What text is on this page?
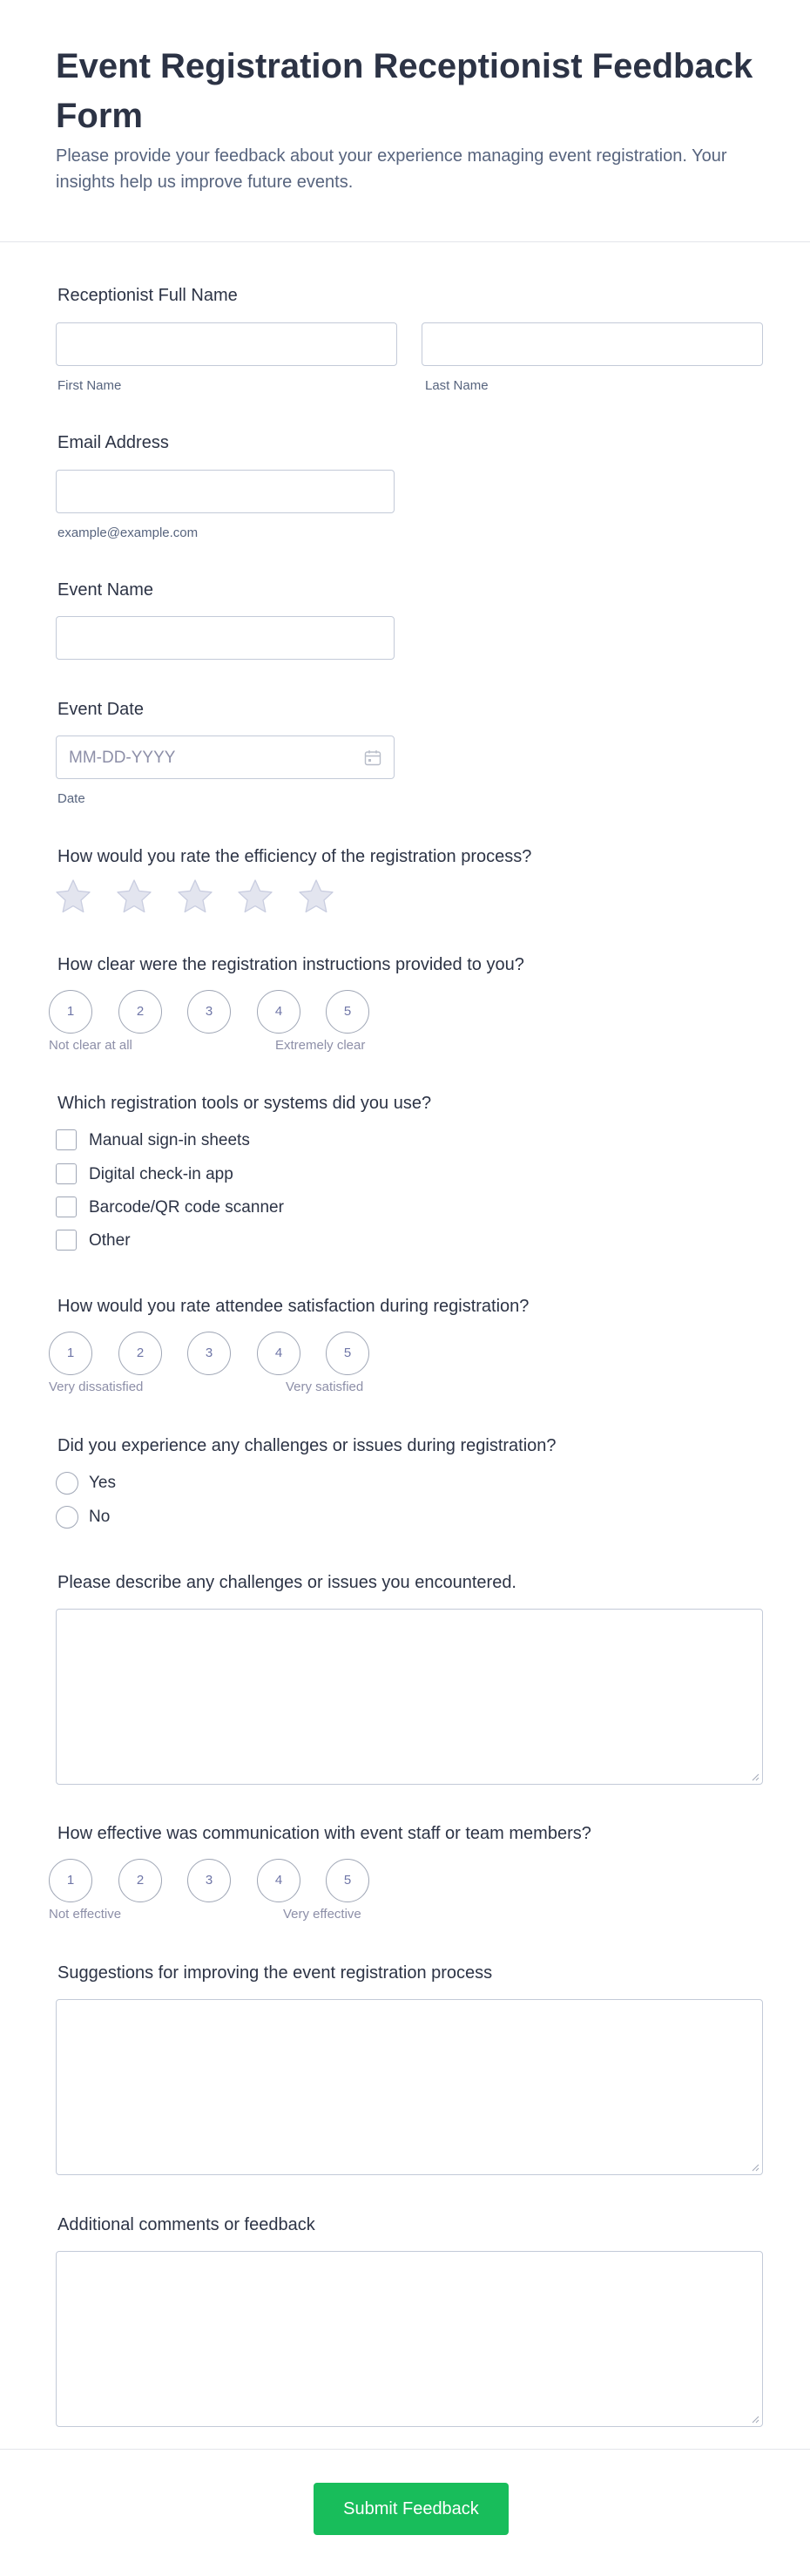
Event Registration Receptionist Feedback Form

Please provide your feedback about your experience managing event registration. Your insights help us improve future events.

Receptionist Full Name
First Name	Last Name
Email Address
example@example.com
Event Name
Event Date
MM-DD-YYYY
Date
How would you rate the efficiency of the registration process?
How clear were the registration instructions provided to you?
1	2	3	4	5
Not clear at all	Extremely clear
Which registration tools or systems did you use?
Manual sign-in sheets
Digital check-in app
Barcode/QR code scanner
Other
How would you rate attendee satisfaction during registration?
1	2	3	4	5
Very dissatisfied	Very satisfied
Did you experience any challenges or issues during registration?
Yes
No
Please describe any challenges or issues you encountered.
How effective was communication with event staff or team members?
1	2	3	4	5
Not effective	Very effective
Suggestions for improving the event registration process
Additional comments or feedback
Submit Feedback
